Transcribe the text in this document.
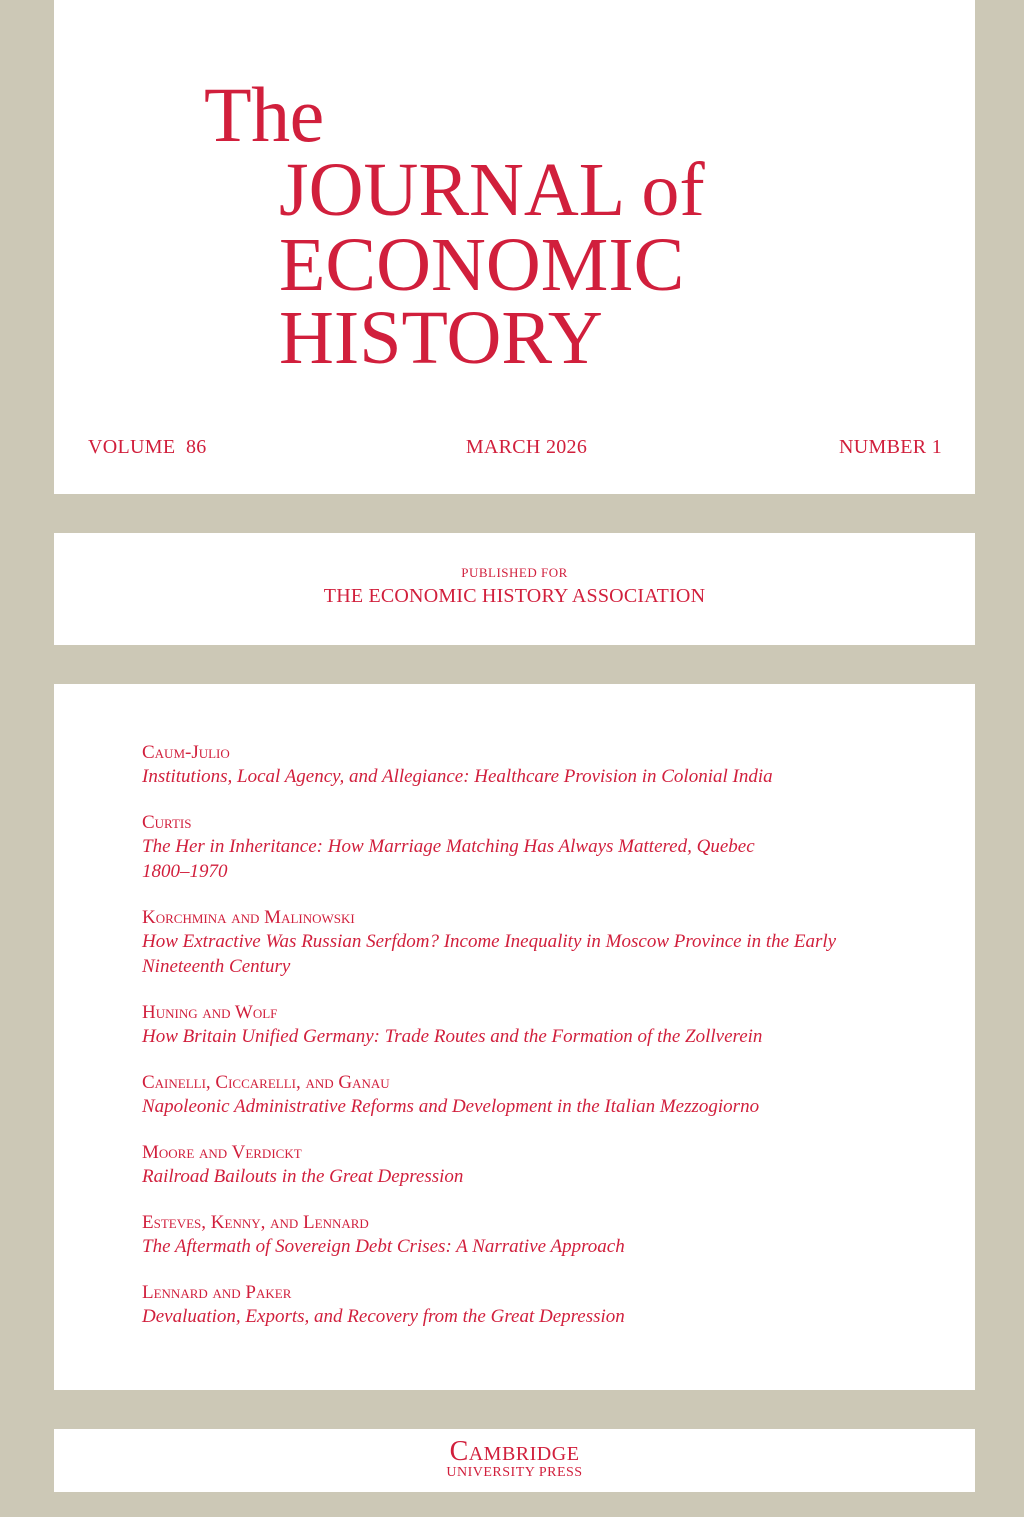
The
JOURNAL of
ECONOMIC
HISTORY
MARCH 2026
VOLUME  86	NUMBER 1
PUBLISHED FOR
THE ECONOMIC HISTORY ASSOCIATION
Caum-Julio
Institutions, Local Agency, and Allegiance: Healthcare Provision in Colonial India
Curtis
The Her in Inheritance: How Marriage Matching Has Always Mattered, Quebec 1800–1970
Korchmina and Malinowski
How Extractive Was Russian Serfdom? Income Inequality in Moscow Province in the Early Nineteenth Century
Huning and Wolf
How Britain Unified Germany: Trade Routes and the Formation of the Zollverein
Cainelli, Ciccarelli, and Ganau
Napoleonic Administrative Reforms and Development in the Italian Mezzogiorno
Moore and Verdickt
Railroad Bailouts in the Great Depression
Esteves, Kenny, and Lennard
The Aftermath of Sovereign Debt Crises: A Narrative Approach
Lennard and Paker
Devaluation, Exports, and Recovery from the Great Depression
Cambridge
UNIVERSITY PRESS
